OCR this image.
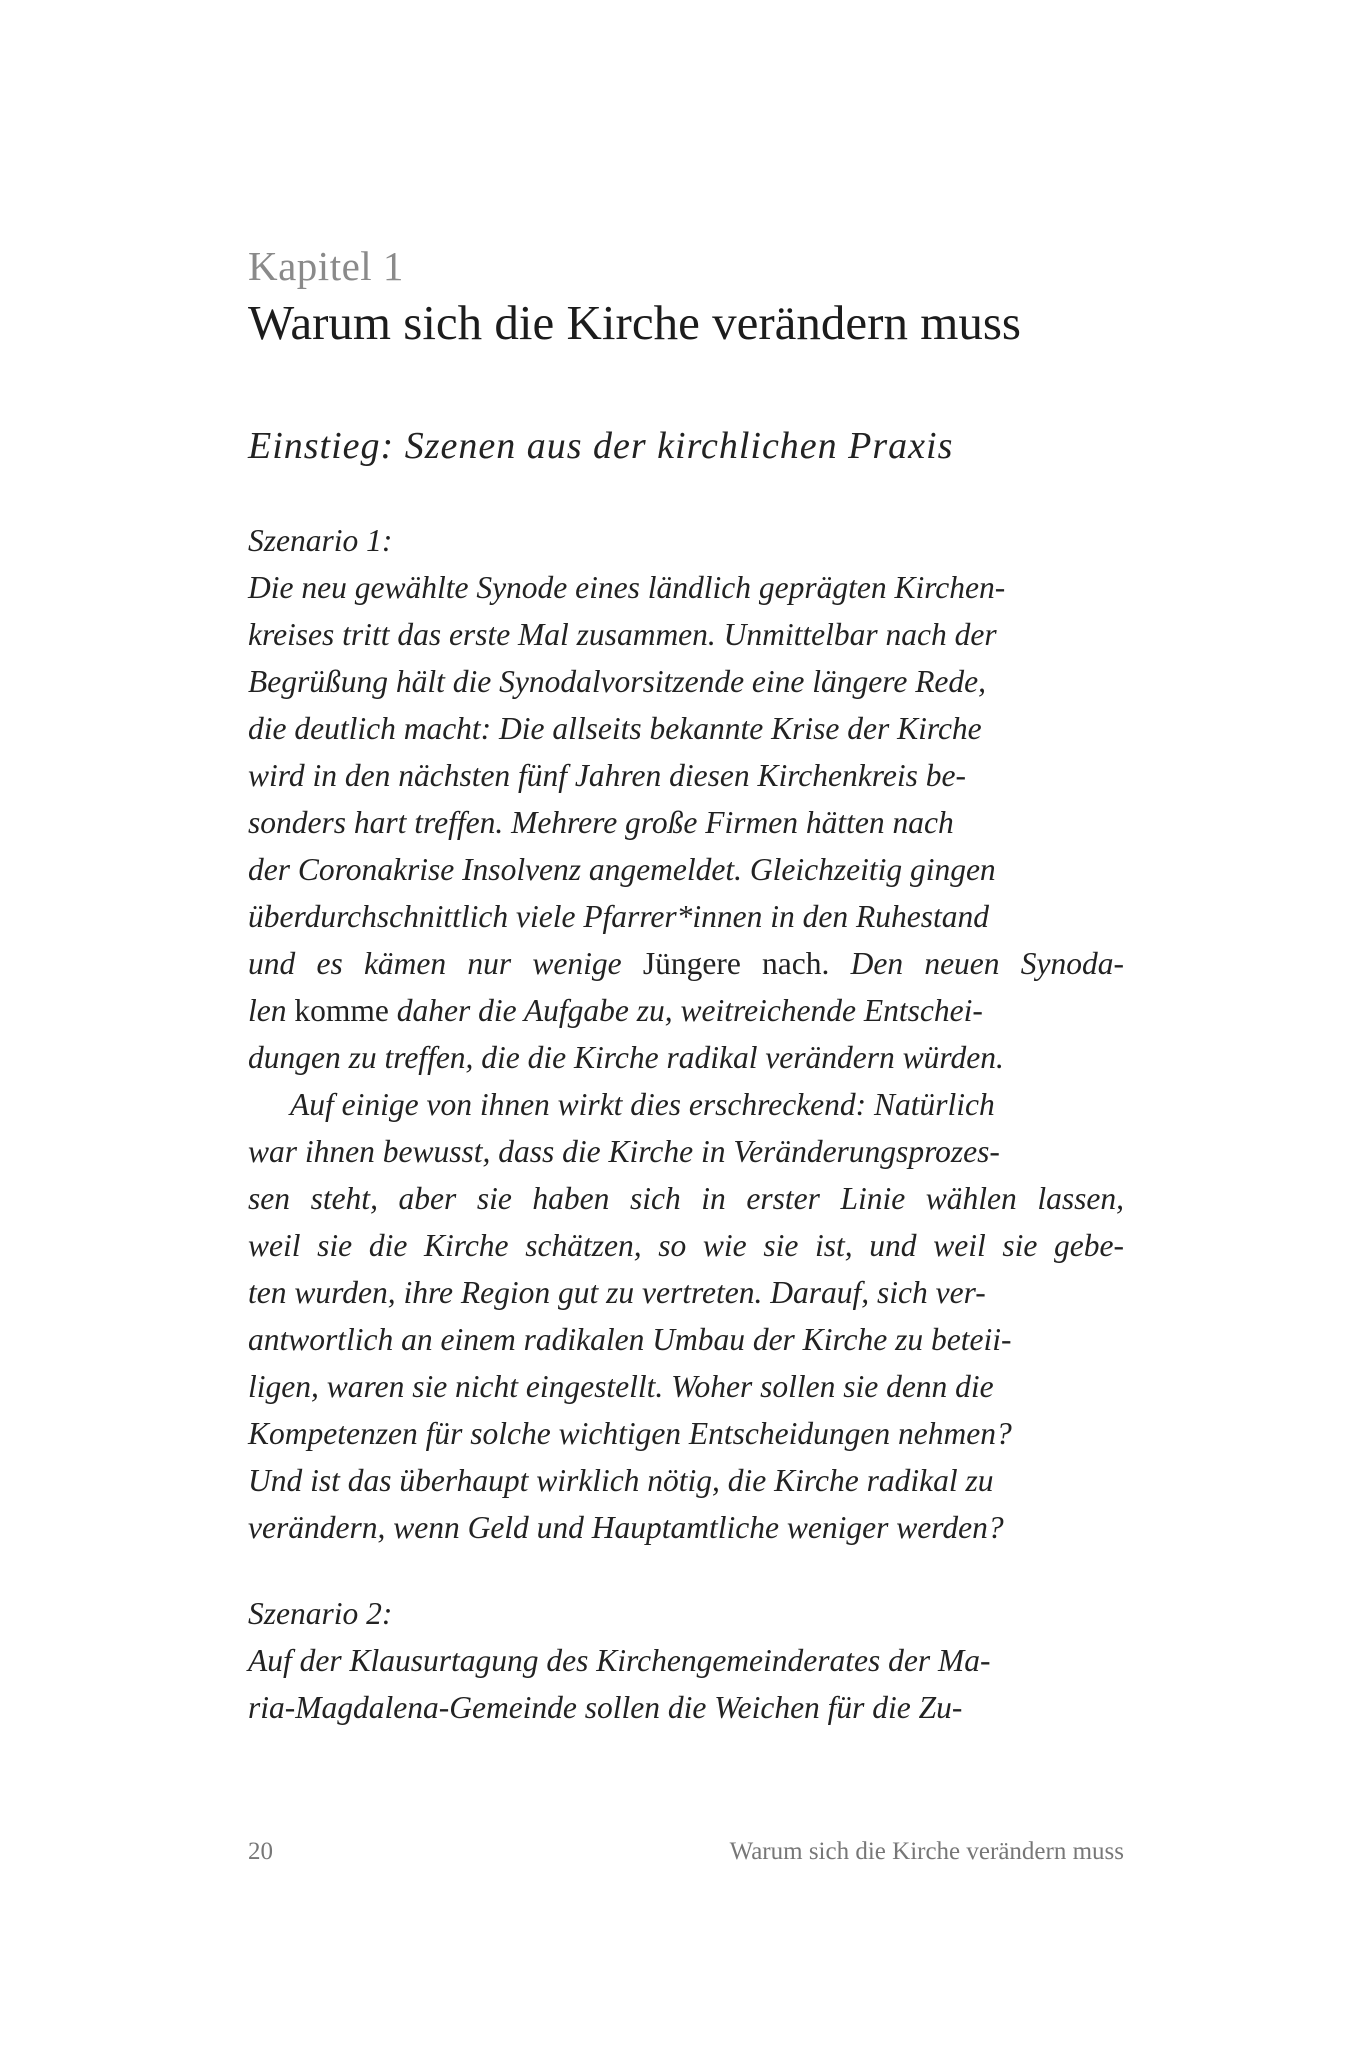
Kapitel 1
Warum sich die Kirche verändern muss
Einstieg: Szenen aus der kirchlichen Praxis
Szenario 1:
Die neu gewählte Synode eines ländlich geprägten Kirchen-
kreises tritt das erste Mal zusammen. Unmittelbar nach der
Begrüßung hält die Synodalvorsitzende eine längere Rede,
die deutlich macht: Die allseits bekannte Krise der Kirche
wird in den nächsten fünf Jahren diesen Kirchenkreis be-
sonders hart treffen. Mehrere große Firmen hätten nach
der Coronakrise Insolvenz angemeldet. Gleichzeitig gingen
überdurchschnittlich viele Pfarrer*innen in den Ruhestand
und es kämen nur wenige Jüngere nach. Den neuen Synoda-
len komme daher die Aufgabe zu, weitreichende Entschei-
dungen zu treffen, die die Kirche radikal verändern würden.
Auf einige von ihnen wirkt dies erschreckend: Natürlich
war ihnen bewusst, dass die Kirche in Veränderungsprozes-
sen steht, aber sie haben sich in erster Linie wählen lassen,
weil sie die Kirche schätzen, so wie sie ist, und weil sie gebe-
ten wurden, ihre Region gut zu vertreten. Darauf, sich ver-
antwortlich an einem radikalen Umbau der Kirche zu beteii-
ligen, waren sie nicht eingestellt. Woher sollen sie denn die
Kompetenzen für solche wichtigen Entscheidungen nehmen?
Und ist das überhaupt wirklich nötig, die Kirche radikal zu
verändern, wenn Geld und Hauptamtliche weniger werden?
Szenario 2:
Auf der Klausurtagung des Kirchengemeinderates der Ma-
ria-Magdalena-Gemeinde sollen die Weichen für die Zu-
20	Warum sich die Kirche verändern muss
